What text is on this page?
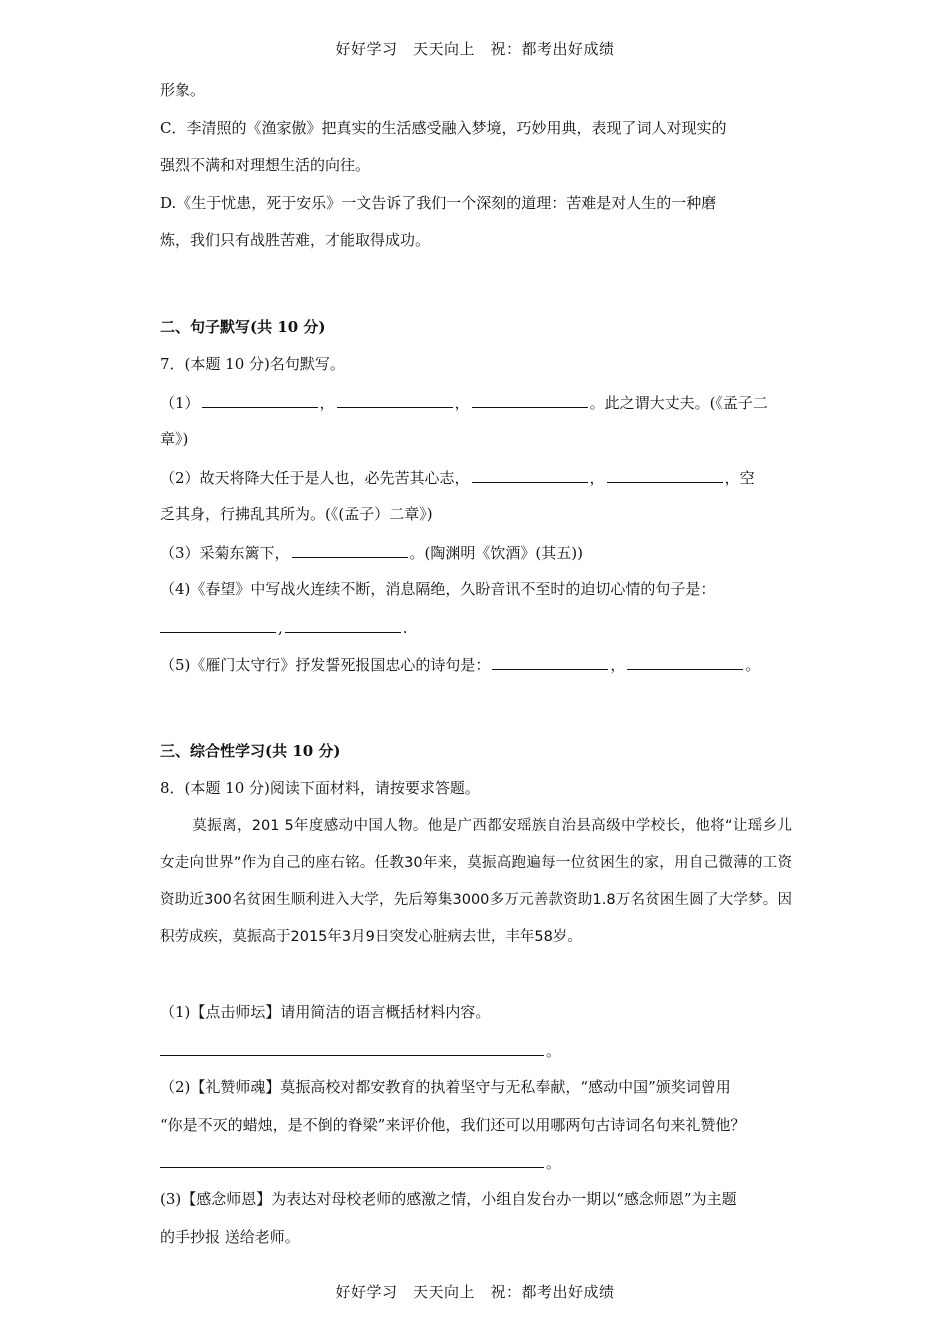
好好学习　天天向上　祝：都考出好成绩
形象。
C．李清照的《渔家傲》把真实的生活感受融入梦境，巧妙用典，表现了词人对现实的
强烈不满和对理想生活的向往。
D.《生于忧患，死于安乐》一文告诉了我们一个深刻的道理：苦难是对人生的一种磨
炼，我们只有战胜苦难，才能取得成功。
二、句子默写(共 10 分)
7．(本题 10 分)名句默写。
（1）	，	，	。此之谓大丈夫。(《孟子二
章》)
（2）故天将降大任于是人也，必先苦其心志，	，	，空
乏其身，行拂乱其所为。(《(孟子）二章》)
（3）采菊东篱下，	。(陶渊明《饮酒》(其五))
（4)《春望》中写战火连续不断，消息隔绝，久盼音讯不至时的迫切心情的句子是：
,	.
（5)《雁门太守行》抒发誓死报国忠心的诗句是：	，	。
三、综合性学习(共 10 分)
8．(本题 10 分)阅读下面材料，请按要求答题。
莫振离，201 5年度感动中国人物。他是广西都安瑶族自治县高级中学校长，他将“让瑶乡儿女走向世界”作为自己的座右铭。任教30年来，莫振高跑遍每一位贫困生的家，用自己微薄的工资资助近300名贫困生顺利进入大学，先后筹集3000多万元善款资助1.8万名贫困生圆了大学梦。因积劳成疾，莫振高于2015年3月9日突发心脏病去世，丰年58岁。
（1)【点击师坛】请用简洁的语言概括材料内容。
。
（2)【礼赞师魂】莫振高校对都安教育的执着坚守与无私奉献，“感动中国”颁奖词曾用
“你是不灭的蜡烛，是不倒的脊梁”来评价他，我们还可以用哪两句古诗词名句来礼赞他？
。
(3)【感念师恩】为表达对母校老师的感激之情，小组自发台办一期以“感念师恩”为主题
的手抄报 送给老师。
好好学习　天天向上　祝：都考出好成绩
